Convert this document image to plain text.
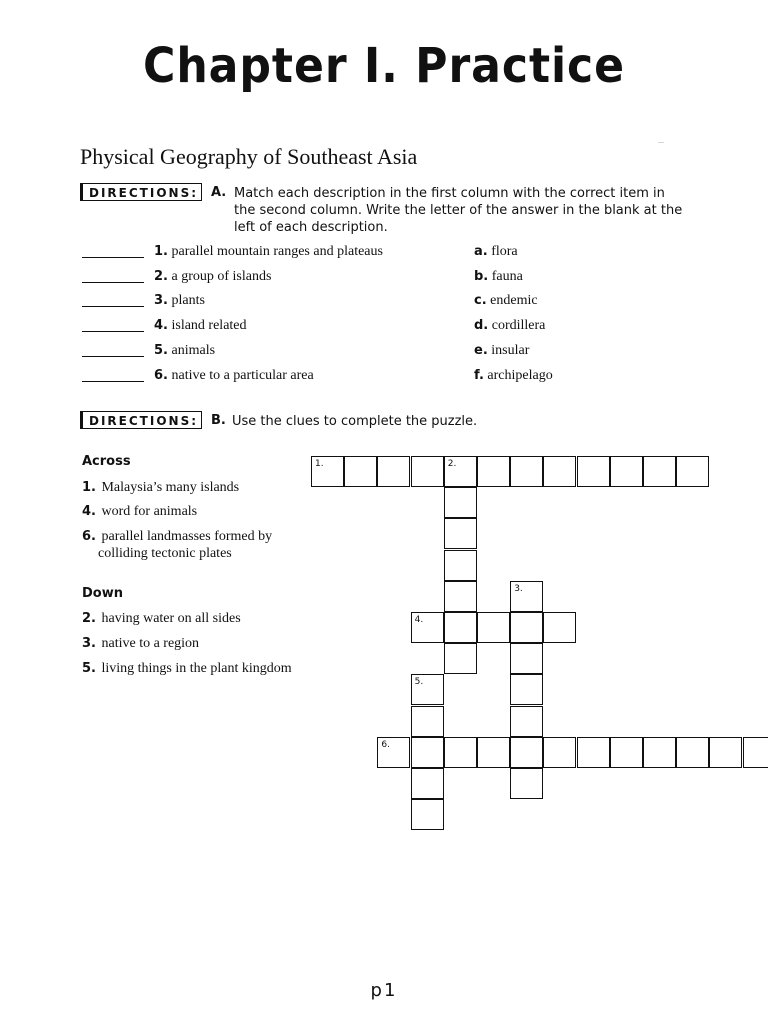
Chapter I. Practice
...
Physical Geography of Southeast Asia
DIRECTIONS: A. Match each description in the first column with the correct item in
the second column. Write the letter of the answer in the blank at the
left of each description.
1. parallel mountain ranges and plateaus	a. flora
2. a group of islands	b. fauna
3. plants	c. endemic
4. island related	d. cordillera
5. animals	e. insular
6. native to a particular area	f. archipelago
DIRECTIONS: B. Use the clues to complete the puzzle.
Across
1. Malaysia’s many islands
4. word for animals
6. parallel landmasses formed by colliding tectonic plates
Down
2. having water on all sides
3. native to a region
5. living things in the plant kingdom
1.	2.
3.
4.
5.
6.
p1
